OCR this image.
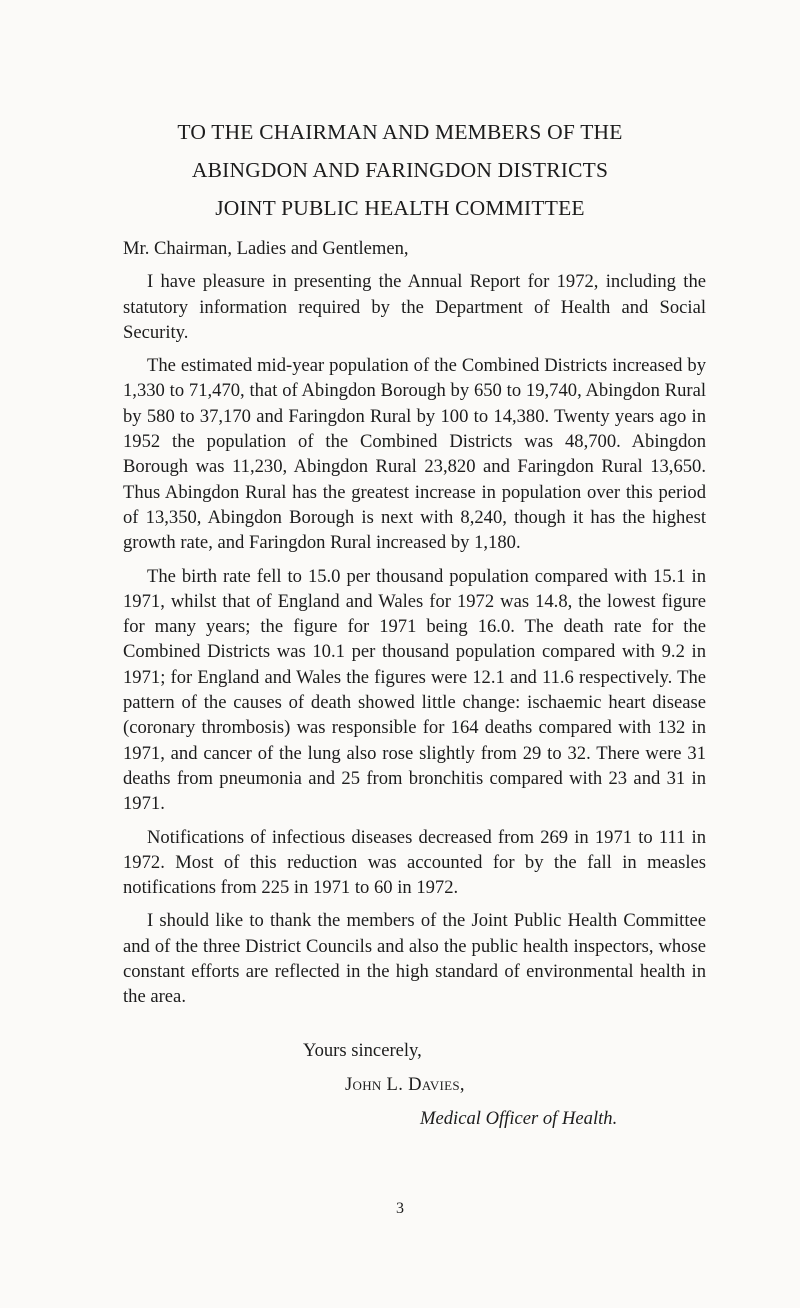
TO THE CHAIRMAN AND MEMBERS OF THE
ABINGDON AND FARINGDON DISTRICTS
JOINT PUBLIC HEALTH COMMITTEE

Mr. Chairman, Ladies and Gentlemen,

I have pleasure in presenting the Annual Report for 1972, including the statutory information required by the Department of Health and Social Security.

The estimated mid-year population of the Combined Districts increased by 1,330 to 71,470, that of Abingdon Borough by 650 to 19,740, Abingdon Rural by 580 to 37,170 and Faringdon Rural by 100 to 14,380. Twenty years ago in 1952 the population of the Combined Districts was 48,700. Abingdon Borough was 11,230, Abingdon Rural 23,820 and Faringdon Rural 13,650. Thus Abingdon Rural has the greatest increase in population over this period of 13,350, Abingdon Borough is next with 8,240, though it has the highest growth rate, and Faringdon Rural increased by 1,180.

The birth rate fell to 15.0 per thousand population compared with 15.1 in 1971, whilst that of England and Wales for 1972 was 14.8, the lowest figure for many years; the figure for 1971 being 16.0. The death rate for the Combined Districts was 10.1 per thousand population compared with 9.2 in 1971; for England and Wales the figures were 12.1 and 11.6 respectively. The pattern of the causes of death showed little change: ischaemic heart disease (coronary thrombosis) was responsible for 164 deaths compared with 132 in 1971, and cancer of the lung also rose slightly from 29 to 32. There were 31 deaths from pneumonia and 25 from bronchitis compared with 23 and 31 in 1971.

Notifications of infectious diseases decreased from 269 in 1971 to 111 in 1972. Most of this reduction was accounted for by the fall in measles notifications from 225 in 1971 to 60 in 1972.

I should like to thank the members of the Joint Public Health Committee and of the three District Councils and also the public health inspectors, whose constant efforts are reflected in the high standard of environmental health in the area.

Yours sincerely,
John L. Davies,
Medical Officer of Health.
3
